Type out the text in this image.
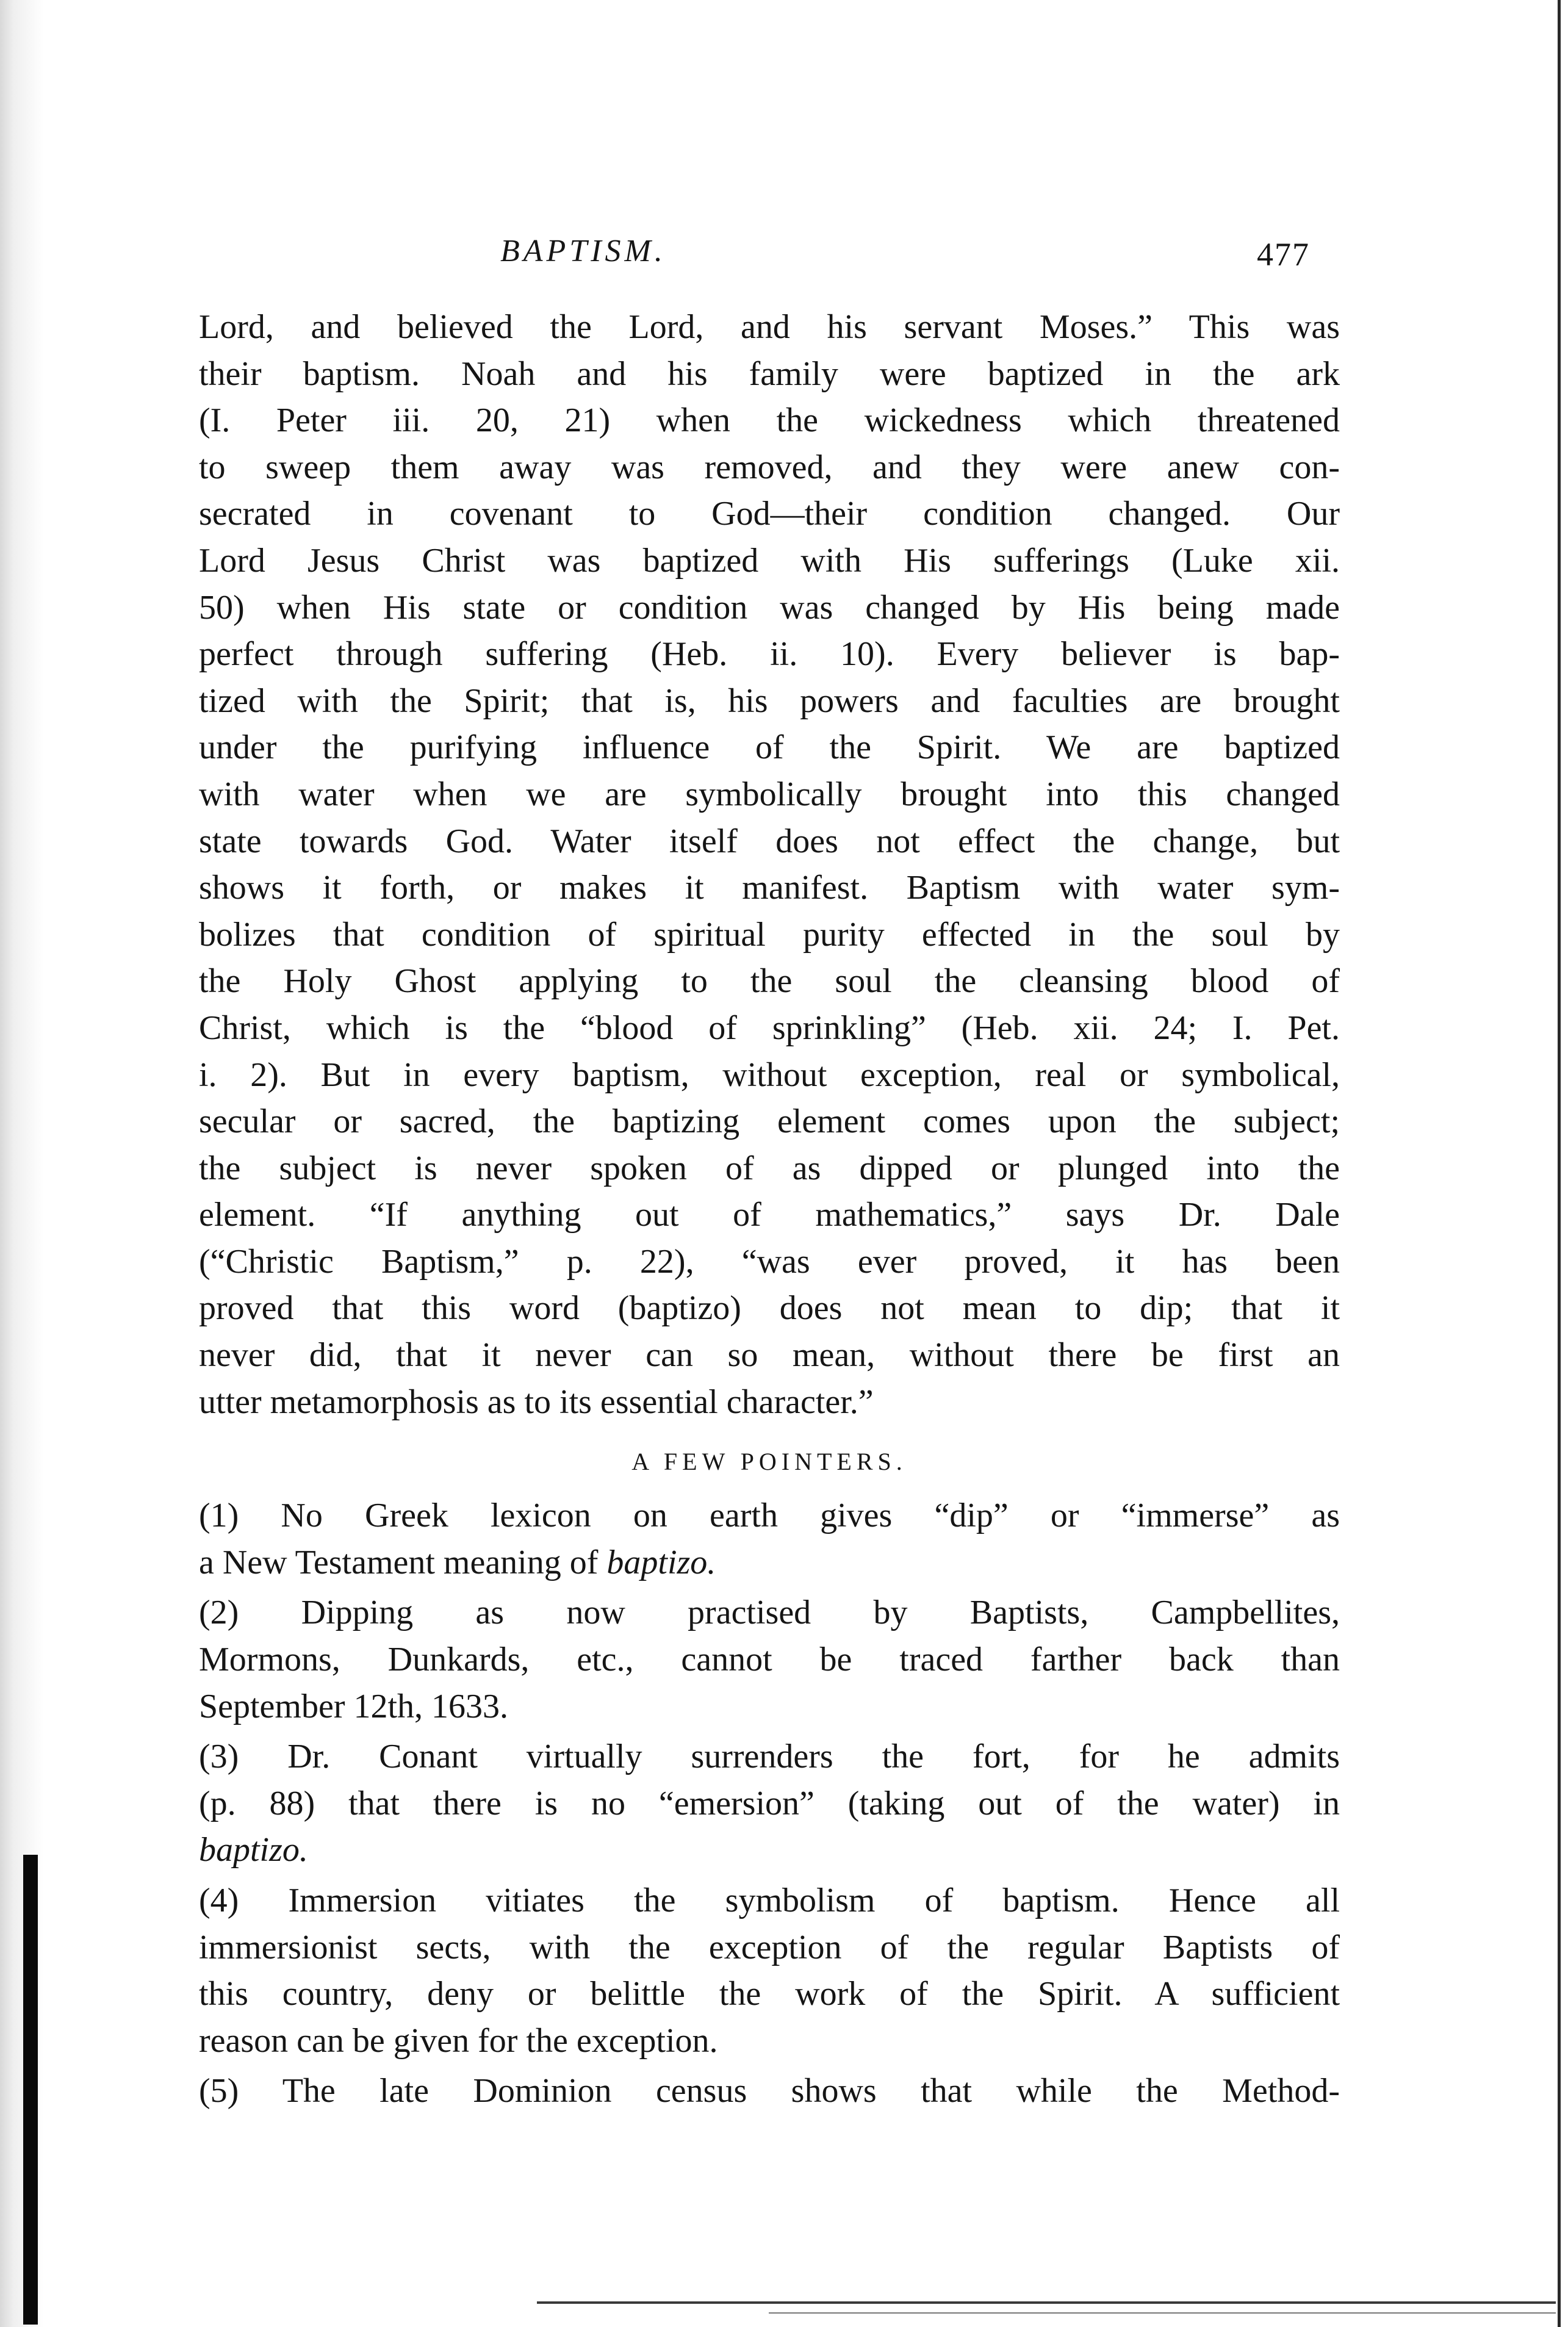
BAPTISM.	477
Lord, and believed the Lord, and his servant Moses.” This was
their baptism. Noah and his family were baptized in the ark
(I. Peter iii. 20, 21) when the wickedness which threatened
to sweep them away was removed, and they were anew con-
secrated in covenant to God—their condition changed. Our
Lord Jesus Christ was baptized with His sufferings (Luke xii.
50) when His state or condition was changed by His being made
perfect through suffering (Heb. ii. 10). Every believer is bap-
tized with the Spirit; that is, his powers and faculties are brought
under the purifying influence of the Spirit. We are baptized
with water when we are symbolically brought into this changed
state towards God. Water itself does not effect the change, but
shows it forth, or makes it manifest. Baptism with water sym-
bolizes that condition of spiritual purity effected in the soul by
the Holy Ghost applying to the soul the cleansing blood of
Christ, which is the “blood of sprinkling” (Heb. xii. 24; I. Pet.
i. 2). But in every baptism, without exception, real or symbolical,
secular or sacred, the baptizing element comes upon the subject;
the subject is never spoken of as dipped or plunged into the
element. “If anything out of mathematics,” says Dr. Dale
(“Christic Baptism,” p. 22), “was ever proved, it has been
proved that this word (baptizo) does not mean to dip; that it
never did, that it never can so mean, without there be first an
utter metamorphosis as to its essential character.”
A FEW POINTERS.
(1) No Greek lexicon on earth gives “dip” or “immerse” as
a New Testament meaning of baptizo.
(2) Dipping as now practised by Baptists, Campbellites,
Mormons, Dunkards, etc., cannot be traced farther back than
September 12th, 1633.
(3) Dr. Conant virtually surrenders the fort, for he admits
(p. 88) that there is no “emersion” (taking out of the water) in
baptizo.
(4) Immersion vitiates the symbolism of baptism. Hence all
immersionist sects, with the exception of the regular Baptists of
this country, deny or belittle the work of the Spirit. A sufficient
reason can be given for the exception.
(5) The late Dominion census shows that while the Method-
